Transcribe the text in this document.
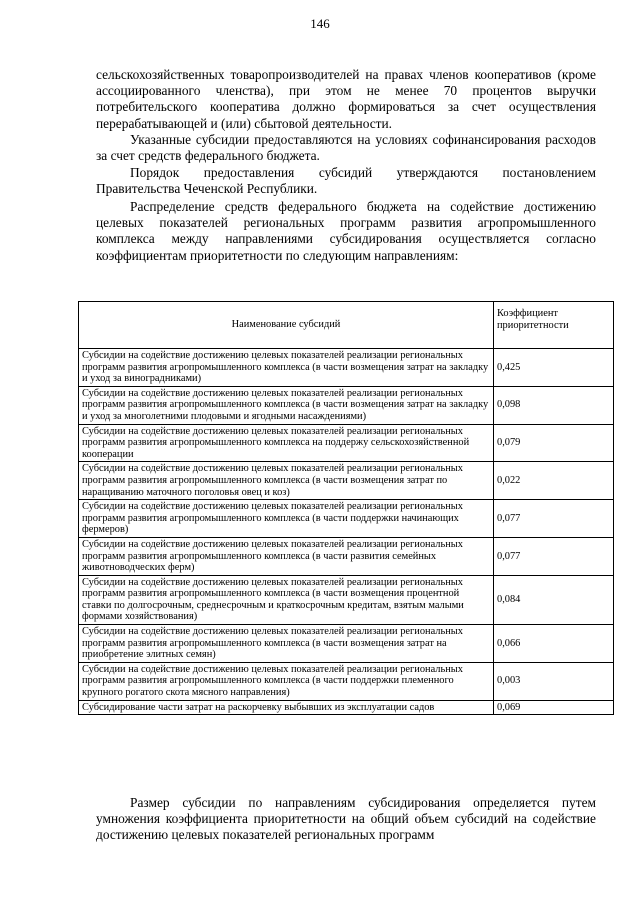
146

сельскохозяйственных товаропроизводителей на правах членов кооперативов (кроме ассоциированного членства), при этом не менее 70 процентов выручки потребительского кооператива должно формироваться за счет осуществления перерабатывающей и (или) сбытовой деятельности.

Указанные субсидии предоставляются на условиях софинансирования расходов за счет средств федерального бюджета.

Порядок предоставления субсидий утверждаются постановлением Правительства Чеченской Республики.

Распределение средств федерального бюджета на содействие достижению целевых показателей региональных программ развития агропромышленного комплекса между направлениями субсидирования осуществляется согласно коэффициентам приоритетности по следующим направлениям:

Наименование субсидий	Коэффициент приоритетности
Субсидии на содействие достижению целевых показателей реализации региональных программ развития агропромышленного комплекса (в части возмещения затрат на закладку и уход за виноградниками)	0,425
Субсидии на содействие достижению целевых показателей реализации региональных программ развития агропромышленного комплекса (в части возмещения затрат на закладку и уход за многолетними плодовыми и ягодными насаждениями)	0,098
Субсидии на содействие достижению целевых показателей реализации региональных программ развития агропромышленного комплекса на поддержу сельскохозяйственной кооперации	0,079
Субсидии на содействие достижению целевых показателей реализации региональных программ развития агропромышленного комплекса (в части возмещения затрат по наращиванию маточного поголовья овец и коз)	0,022
Субсидии на содействие достижению целевых показателей реализации региональных программ развития агропромышленного комплекса (в части поддержки начинающих фермеров)	0,077
Субсидии на содействие достижению целевых показателей реализации региональных программ развития агропромышленного комплекса (в части развития семейных животноводческих ферм)	0,077
Субсидии на содействие достижению целевых показателей реализации региональных программ развития агропромышленного комплекса (в части возмещения процентной ставки по долгосрочным, среднесрочным и краткосрочным кредитам, взятым малыми формами хозяйствования)	0,084
Субсидии на содействие достижению целевых показателей реализации региональных программ развития агропромышленного комплекса (в части возмещения затрат на приобретение элитных семян)	0,066
Субсидии на содействие достижению целевых показателей реализации региональных программ развития агропромышленного комплекса (в части поддержки племенного крупного рогатого скота мясного направления)	0,003
Субсидирование части затрат на раскорчевку выбывших из эксплуатации садов	0,069

Размер субсидии по направлениям субсидирования определяется путем умножения коэффициента приоритетности на общий объем субсидий на содействие достижению целевых показателей региональных программ
